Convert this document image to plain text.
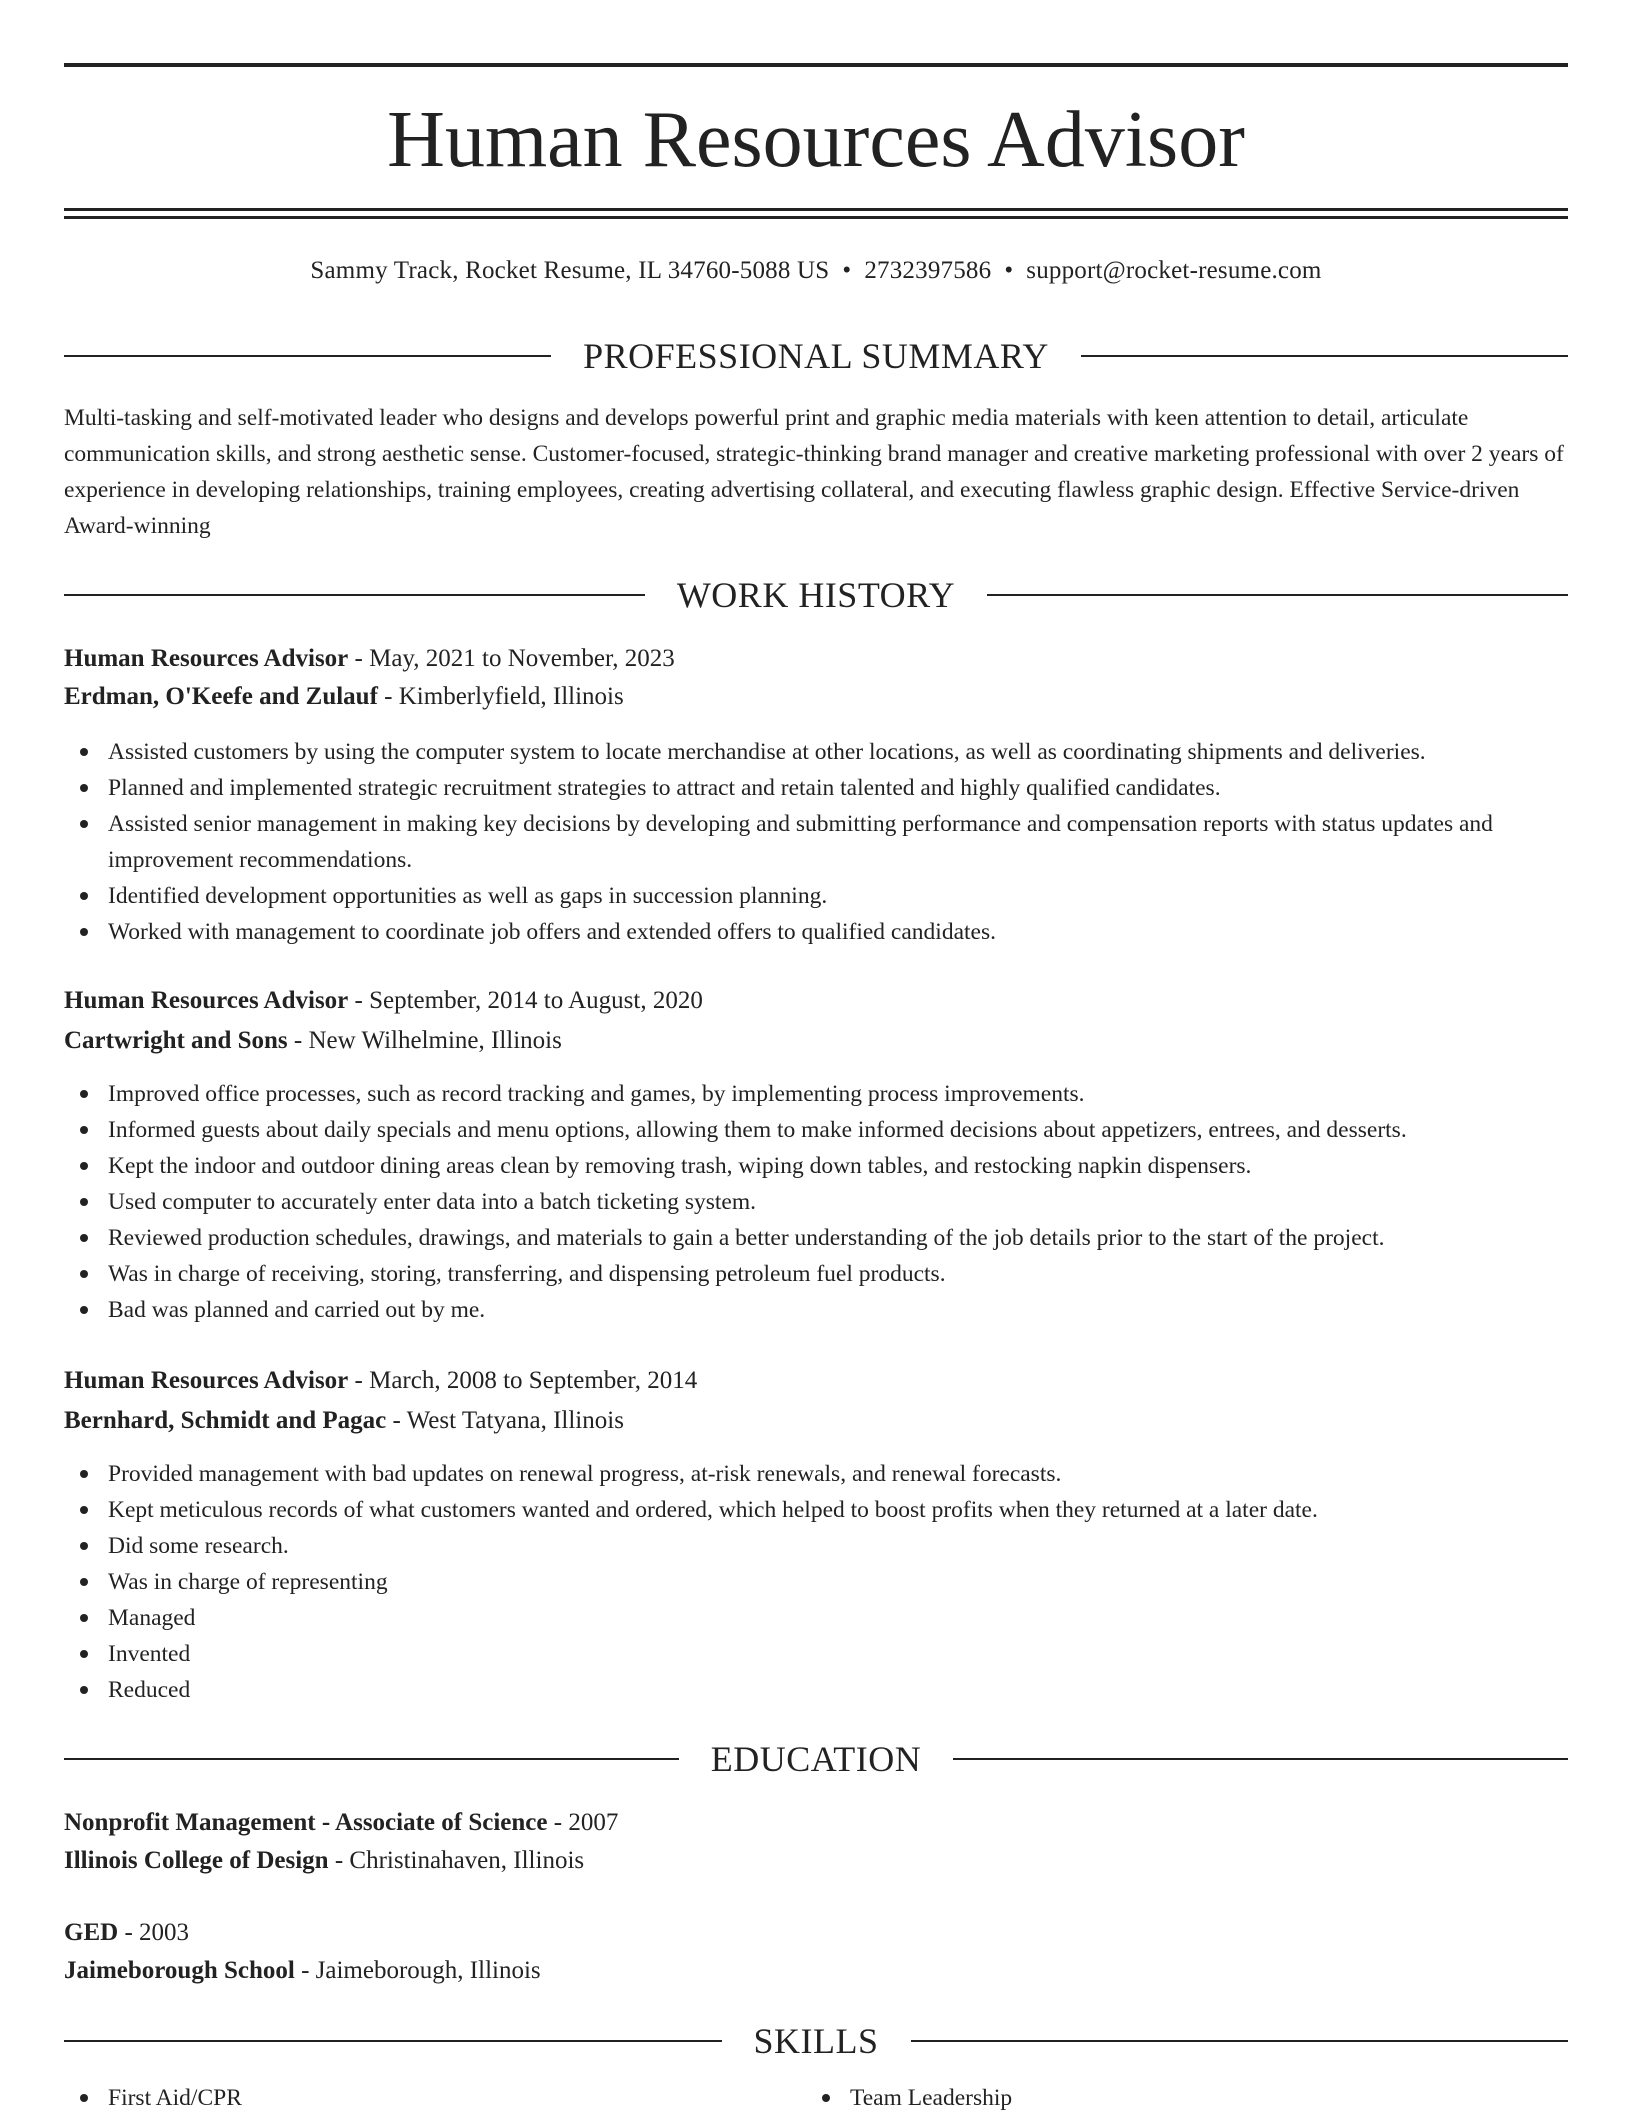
Human Resources Advisor
Sammy Track, Rocket Resume, IL 34760-5088 US • 2732397586 • support@rocket-resume.com
PROFESSIONAL SUMMARY
Multi-tasking and self-motivated leader who designs and develops powerful print and graphic media materials with keen attention to detail, articulate communication skills, and strong aesthetic sense. Customer-focused, strategic-thinking brand manager and creative marketing professional with over 2 years of experience in developing relationships, training employees, creating advertising collateral, and executing flawless graphic design. Effective Service-driven Award-winning
WORK HISTORY
Human Resources Advisor - May, 2021 to November, 2023
Erdman, O'Keefe and Zulauf - Kimberlyfield, Illinois
Assisted customers by using the computer system to locate merchandise at other locations, as well as coordinating shipments and deliveries.
Planned and implemented strategic recruitment strategies to attract and retain talented and highly qualified candidates.
Assisted senior management in making key decisions by developing and submitting performance and compensation reports with status updates and improvement recommendations.
Identified development opportunities as well as gaps in succession planning.
Worked with management to coordinate job offers and extended offers to qualified candidates.
Human Resources Advisor - September, 2014 to August, 2020
Cartwright and Sons - New Wilhelmine, Illinois
Improved office processes, such as record tracking and games, by implementing process improvements.
Informed guests about daily specials and menu options, allowing them to make informed decisions about appetizers, entrees, and desserts.
Kept the indoor and outdoor dining areas clean by removing trash, wiping down tables, and restocking napkin dispensers.
Used computer to accurately enter data into a batch ticketing system.
Reviewed production schedules, drawings, and materials to gain a better understanding of the job details prior to the start of the project.
Was in charge of receiving, storing, transferring, and dispensing petroleum fuel products.
Bad was planned and carried out by me.
Human Resources Advisor - March, 2008 to September, 2014
Bernhard, Schmidt and Pagac - West Tatyana, Illinois
Provided management with bad updates on renewal progress, at-risk renewals, and renewal forecasts.
Kept meticulous records of what customers wanted and ordered, which helped to boost profits when they returned at a later date.
Did some research.
Was in charge of representing
Managed
Invented
Reduced
EDUCATION
Nonprofit Management - Associate of Science - 2007
Illinois College of Design - Christinahaven, Illinois
GED - 2003
Jaimeborough School - Jaimeborough, Illinois
SKILLS
First Aid/CPR	Team Leadership
